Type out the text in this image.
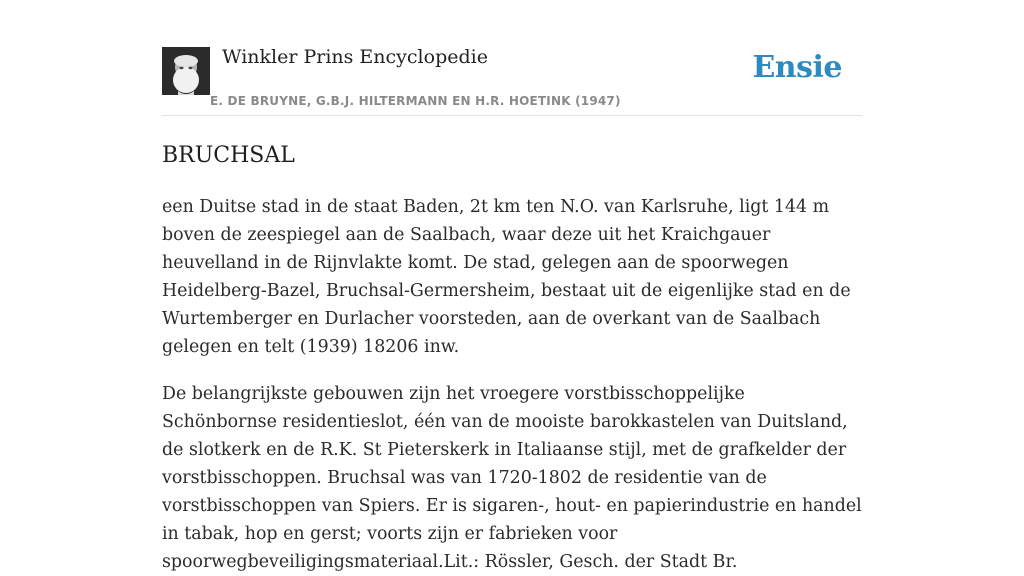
Winkler Prins Encyclopedie
E. DE BRUYNE, G.B.J. HILTERMANN EN H.R. HOETINK (1947)
Ensie
BRUCHSAL

een Duitse stad in de staat Baden, 2t km ten N.O. van Karlsruhe, ligt 144 m boven de zeespiegel aan de Saalbach, waar deze uit het Kraichgauer heuvelland in de Rijnvlakte komt. De stad, gelegen aan de spoorwegen Heidelberg-Bazel, Bruchsal-Germersheim, bestaat uit de eigenlijke stad en de Wurtemberger en Durlacher voorsteden, aan de overkant van de Saalbach gelegen en telt (1939) 18206 inw.

De belangrijkste gebouwen zijn het vroegere vorstbisschoppelijke Schönbornse residentieslot, één van de mooiste barokkastelen van Duitsland, de slotkerk en de R.K. St Pieterskerk in Italiaanse stijl, met de grafkelder der vorstbisschoppen. Bruchsal was van 1720-1802 de residentie van de vorstbisschoppen van Spiers. Er is sigaren-, hout- en papierindustrie en handel in tabak, hop en gerst; voorts zijn er fabrieken voor spoorwegbeveiligingsmateriaal.Lit.: Rössler, Gesch. der Stadt Br.
